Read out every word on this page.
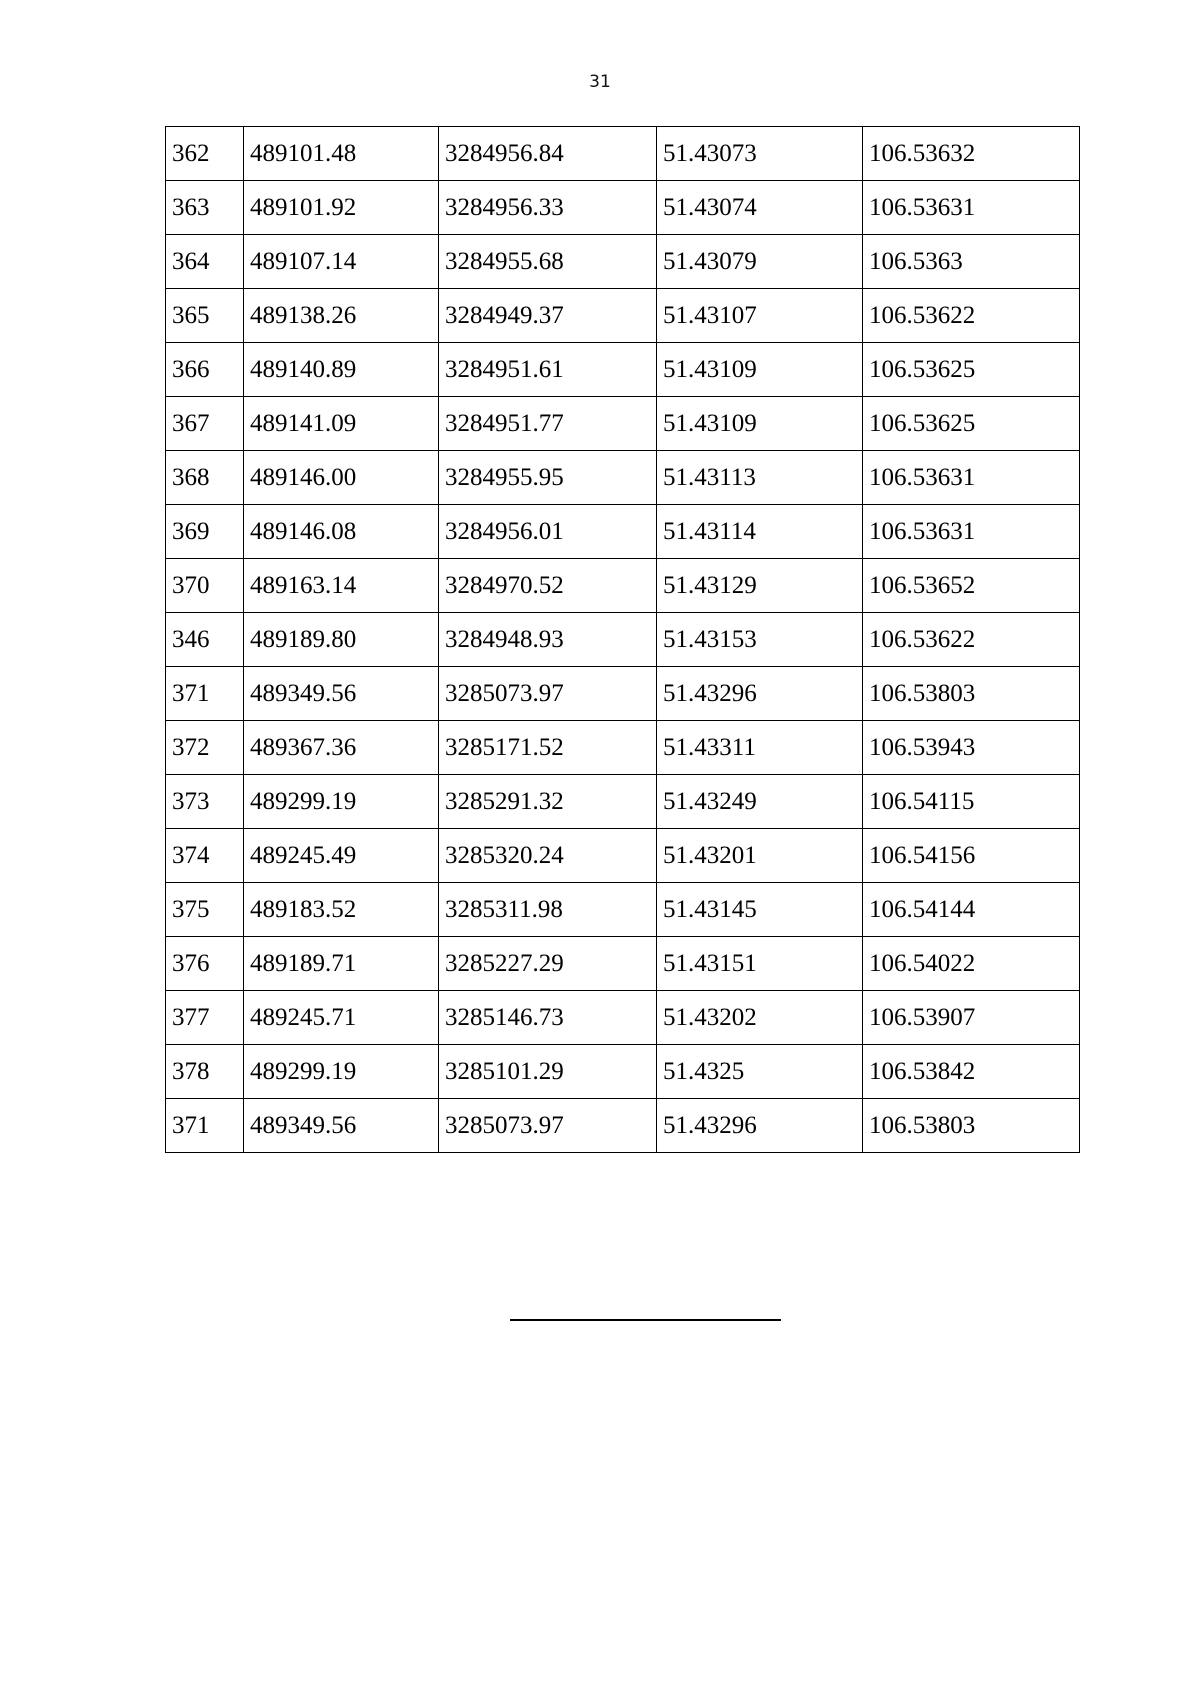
31
362	489101.48	3284956.84	51.43073	106.53632
363	489101.92	3284956.33	51.43074	106.53631
364	489107.14	3284955.68	51.43079	106.5363
365	489138.26	3284949.37	51.43107	106.53622
366	489140.89	3284951.61	51.43109	106.53625
367	489141.09	3284951.77	51.43109	106.53625
368	489146.00	3284955.95	51.43113	106.53631
369	489146.08	3284956.01	51.43114	106.53631
370	489163.14	3284970.52	51.43129	106.53652
346	489189.80	3284948.93	51.43153	106.53622
371	489349.56	3285073.97	51.43296	106.53803
372	489367.36	3285171.52	51.43311	106.53943
373	489299.19	3285291.32	51.43249	106.54115
374	489245.49	3285320.24	51.43201	106.54156
375	489183.52	3285311.98	51.43145	106.54144
376	489189.71	3285227.29	51.43151	106.54022
377	489245.71	3285146.73	51.43202	106.53907
378	489299.19	3285101.29	51.4325	106.53842
371	489349.56	3285073.97	51.43296	106.53803
